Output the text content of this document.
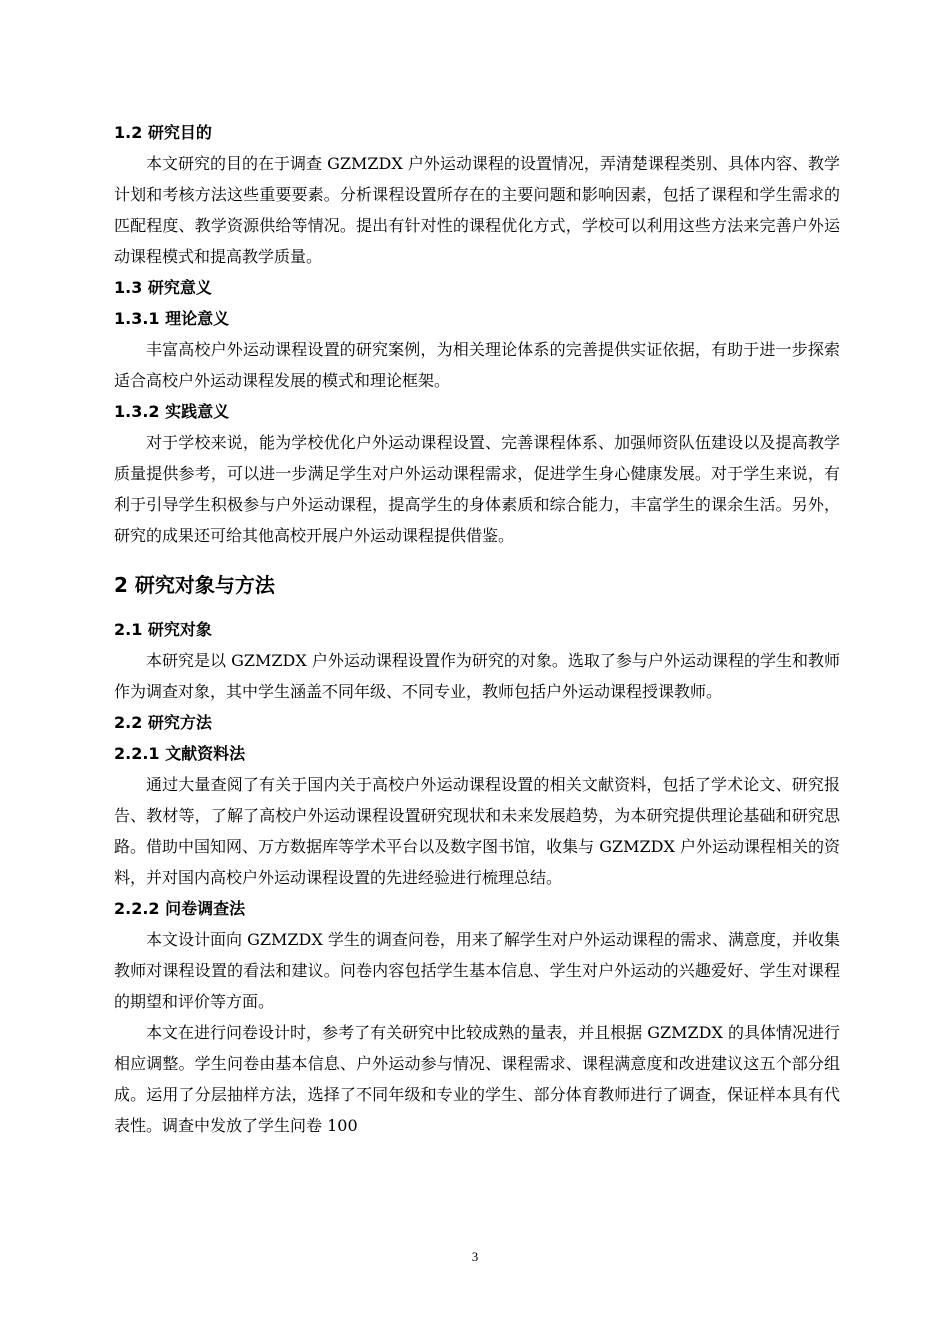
1.2 研究目的

本文研究的目的在于调查 GZMZDX 户外运动课程的设置情况，弄清楚课程类别、具体内容、教学计划和考核方法这些重要要素。分析课程设置所存在的主要问题和影响因素，包括了课程和学生需求的匹配程度、教学资源供给等情况。提出有针对性的课程优化方式，学校可以利用这些方法来完善户外运动课程模式和提高教学质量。

1.3 研究意义
1.3.1 理论意义

丰富高校户外运动课程设置的研究案例，为相关理论体系的完善提供实证依据，有助于进一步探索适合高校户外运动课程发展的模式和理论框架。

1.3.2 实践意义

对于学校来说，能为学校优化户外运动课程设置、完善课程体系、加强师资队伍建设以及提高教学质量提供参考，可以进一步满足学生对户外运动课程需求，促进学生身心健康发展。对于学生来说，有利于引导学生积极参与户外运动课程，提高学生的身体素质和综合能力，丰富学生的课余生活。另外，研究的成果还可给其他高校开展户外运动课程提供借鉴。

2 研究对象与方法
2.1 研究对象

本研究是以 GZMZDX 户外运动课程设置作为研究的对象。选取了参与户外运动课程的学生和教师作为调查对象，其中学生涵盖不同年级、不同专业，教师包括户外运动课程授课教师。

2.2 研究方法
2.2.1 文献资料法

通过大量查阅了有关于国内关于高校户外运动课程设置的相关文献资料，包括了学术论文、研究报告、教材等，了解了高校户外运动课程设置研究现状和未来发展趋势，为本研究提供理论基础和研究思路。借助中国知网、万方数据库等学术平台以及数字图书馆，收集与 GZMZDX 户外运动课程相关的资料，并对国内高校户外运动课程设置的先进经验进行梳理总结。

2.2.2 问卷调查法

本文设计面向 GZMZDX 学生的调查问卷，用来了解学生对户外运动课程的需求、满意度，并收集教师对课程设置的看法和建议。问卷内容包括学生基本信息、学生对户外运动的兴趣爱好、学生对课程的期望和评价等方面。

本文在进行问卷设计时，参考了有关研究中比较成熟的量表，并且根据 GZMZDX 的具体情况进行相应调整。学生问卷由基本信息、户外运动参与情况、课程需求、课程满意度和改进建议这五个部分组成。运用了分层抽样方法，选择了不同年级和专业的学生、部分体育教师进行了调查，保证样本具有代表性。调查中发放了学生问卷 100

3
